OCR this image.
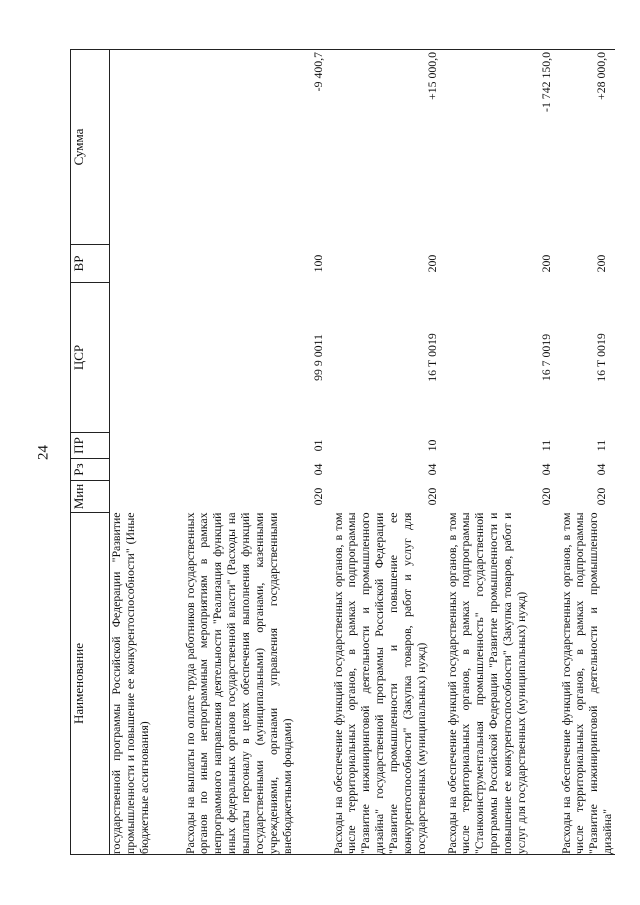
24
Наименование	Мин	Рз	ПР	ЦСР	ВР	Сумма
государственной программы Российской Федерации "Развитие промышленности и повышение ее конкурентоспособности" (Иные бюджетные ассигнования)						
Расходы на выплаты по оплате труда работников государственных органов по иным непрограммным мероприятиям в рамках непрограммного направления деятельности "Реализация функций иных федеральных органов государственной власти" (Расходы на выплаты персоналу в целях обеспечения выполнения функций государственными (муниципальными) органами, казенными учреждениями, органами управления государственными внебюджетными фондами)	020	04	01	99 9 0011	100	-9 400,7
Расходы на обеспечение функций государственных органов, в том числе территориальных органов, в рамках подпрограммы "Развитие инжиниринговой деятельности и промышленного дизайна" государственной программы Российской Федерации "Развитие промышленности и повышение ее конкурентоспособности" (Закупка товаров, работ и услуг для государственных (муниципальных) нужд)	020	04	10	16 Т 0019	200	+15 000,0
Расходы на обеспечение функций государственных органов, в том числе территориальных органов, в рамках подпрограммы "Станкоинструментальная промышленность" государственной программы Российской Федерации "Развитие промышленности и повышение ее конкурентоспособности" (Закупка товаров, работ и услуг для государственных (муниципальных) нужд)	020	04	11	16 7 0019	200	-1 742 150,0
Расходы на обеспечение функций государственных органов, в том числе территориальных органов, в рамках подпрограммы "Развитие инжиниринговой деятельности и промышленного дизайна"	020	04	11	16 Т 0019	200	+28 000,0
